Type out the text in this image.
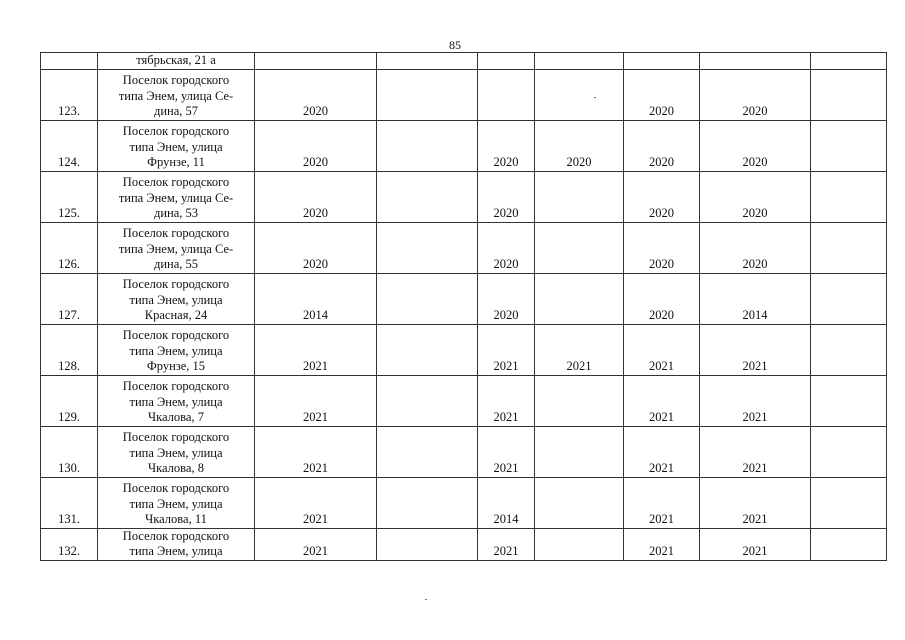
85

	тябрьская, 21 а							

123.	Поселок городского
типа Энем, улица Се-
дина, 57	2020				2020	2020	

124.	Поселок городского
типа Энем, улица
Фрунзе, 11	2020		2020	2020	2020	2020	

125.	Поселок городского
типа Энем, улица Се-
дина, 53	2020		2020		2020	2020	

126.	Поселок городского
типа Энем, улица Се-
дина, 55	2020		2020		2020	2020	

127.	Поселок городского
типа Энем, улица
Красная, 24	2014		2020		2020	2014	

128.	Поселок городского
типа Энем, улица
Фрунзе, 15	2021		2021	2021	2021	2021	

129.	Поселок городского
типа Энем, улица
Чкалова, 7	2021		2021		2021	2021	

130.	Поселок городского
типа Энем, улица
Чкалова, 8	2021		2021		2021	2021	

131.	Поселок городского
типа Энем, улица
Чкалова, 11	2021		2014		2021	2021	

132.	Поселок городского
типа Энем, улица	2021		2021		2021	2021	
